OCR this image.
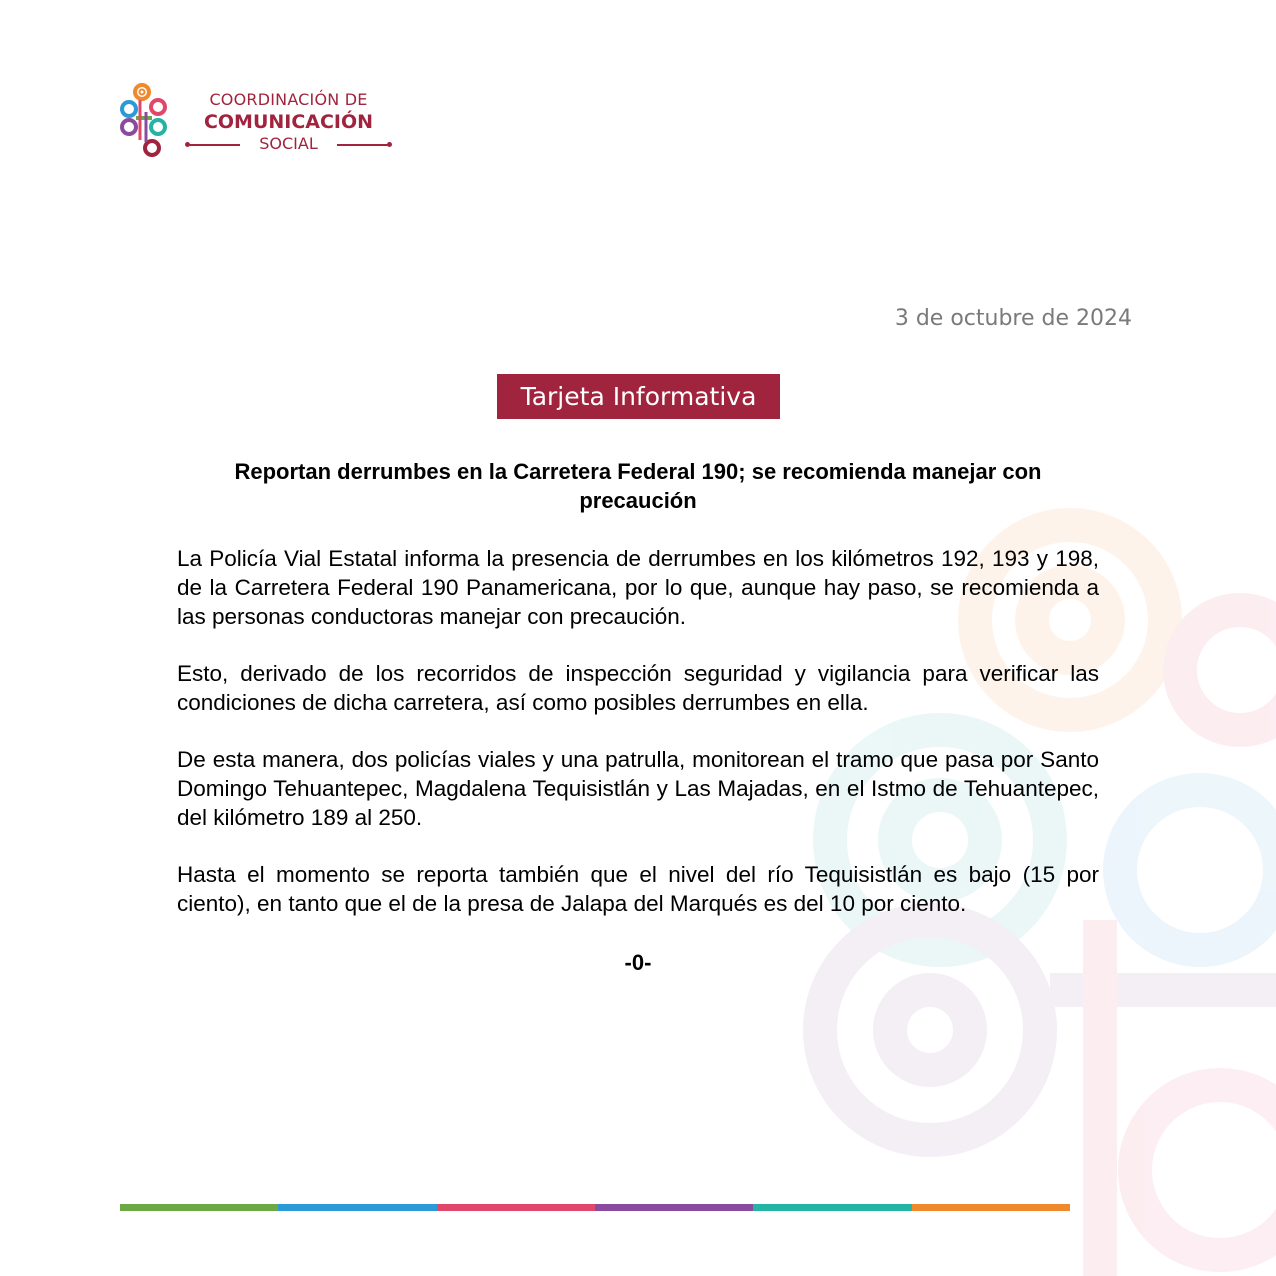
COORDINACIÓN DE
COMUNICACIÓN
SOCIAL
3 de octubre de 2024
Tarjeta Informativa
Reportan derrumbes en la Carretera Federal 190; se recomienda manejar con precaución

La Policía Vial Estatal informa la presencia de derrumbes en los kilómetros 192, 193 y 198, de la Carretera Federal 190 Panamericana, por lo que, aunque hay paso, se recomienda a las personas conductoras manejar con precaución.

Esto, derivado de los recorridos de inspección seguridad y vigilancia para verificar las condiciones de dicha carretera, así como posibles derrumbes en ella.

De esta manera, dos policías viales y una patrulla, monitorean el tramo que pasa por Santo Domingo Tehuantepec, Magdalena Tequisistlán y Las Majadas, en el Istmo de Tehuantepec, del kilómetro 189 al 250.

Hasta el momento se reporta también que el nivel del río Tequisistlán es bajo (15 por ciento), en tanto que el de la presa de Jalapa del Marqués es del 10 por ciento.

-0-
